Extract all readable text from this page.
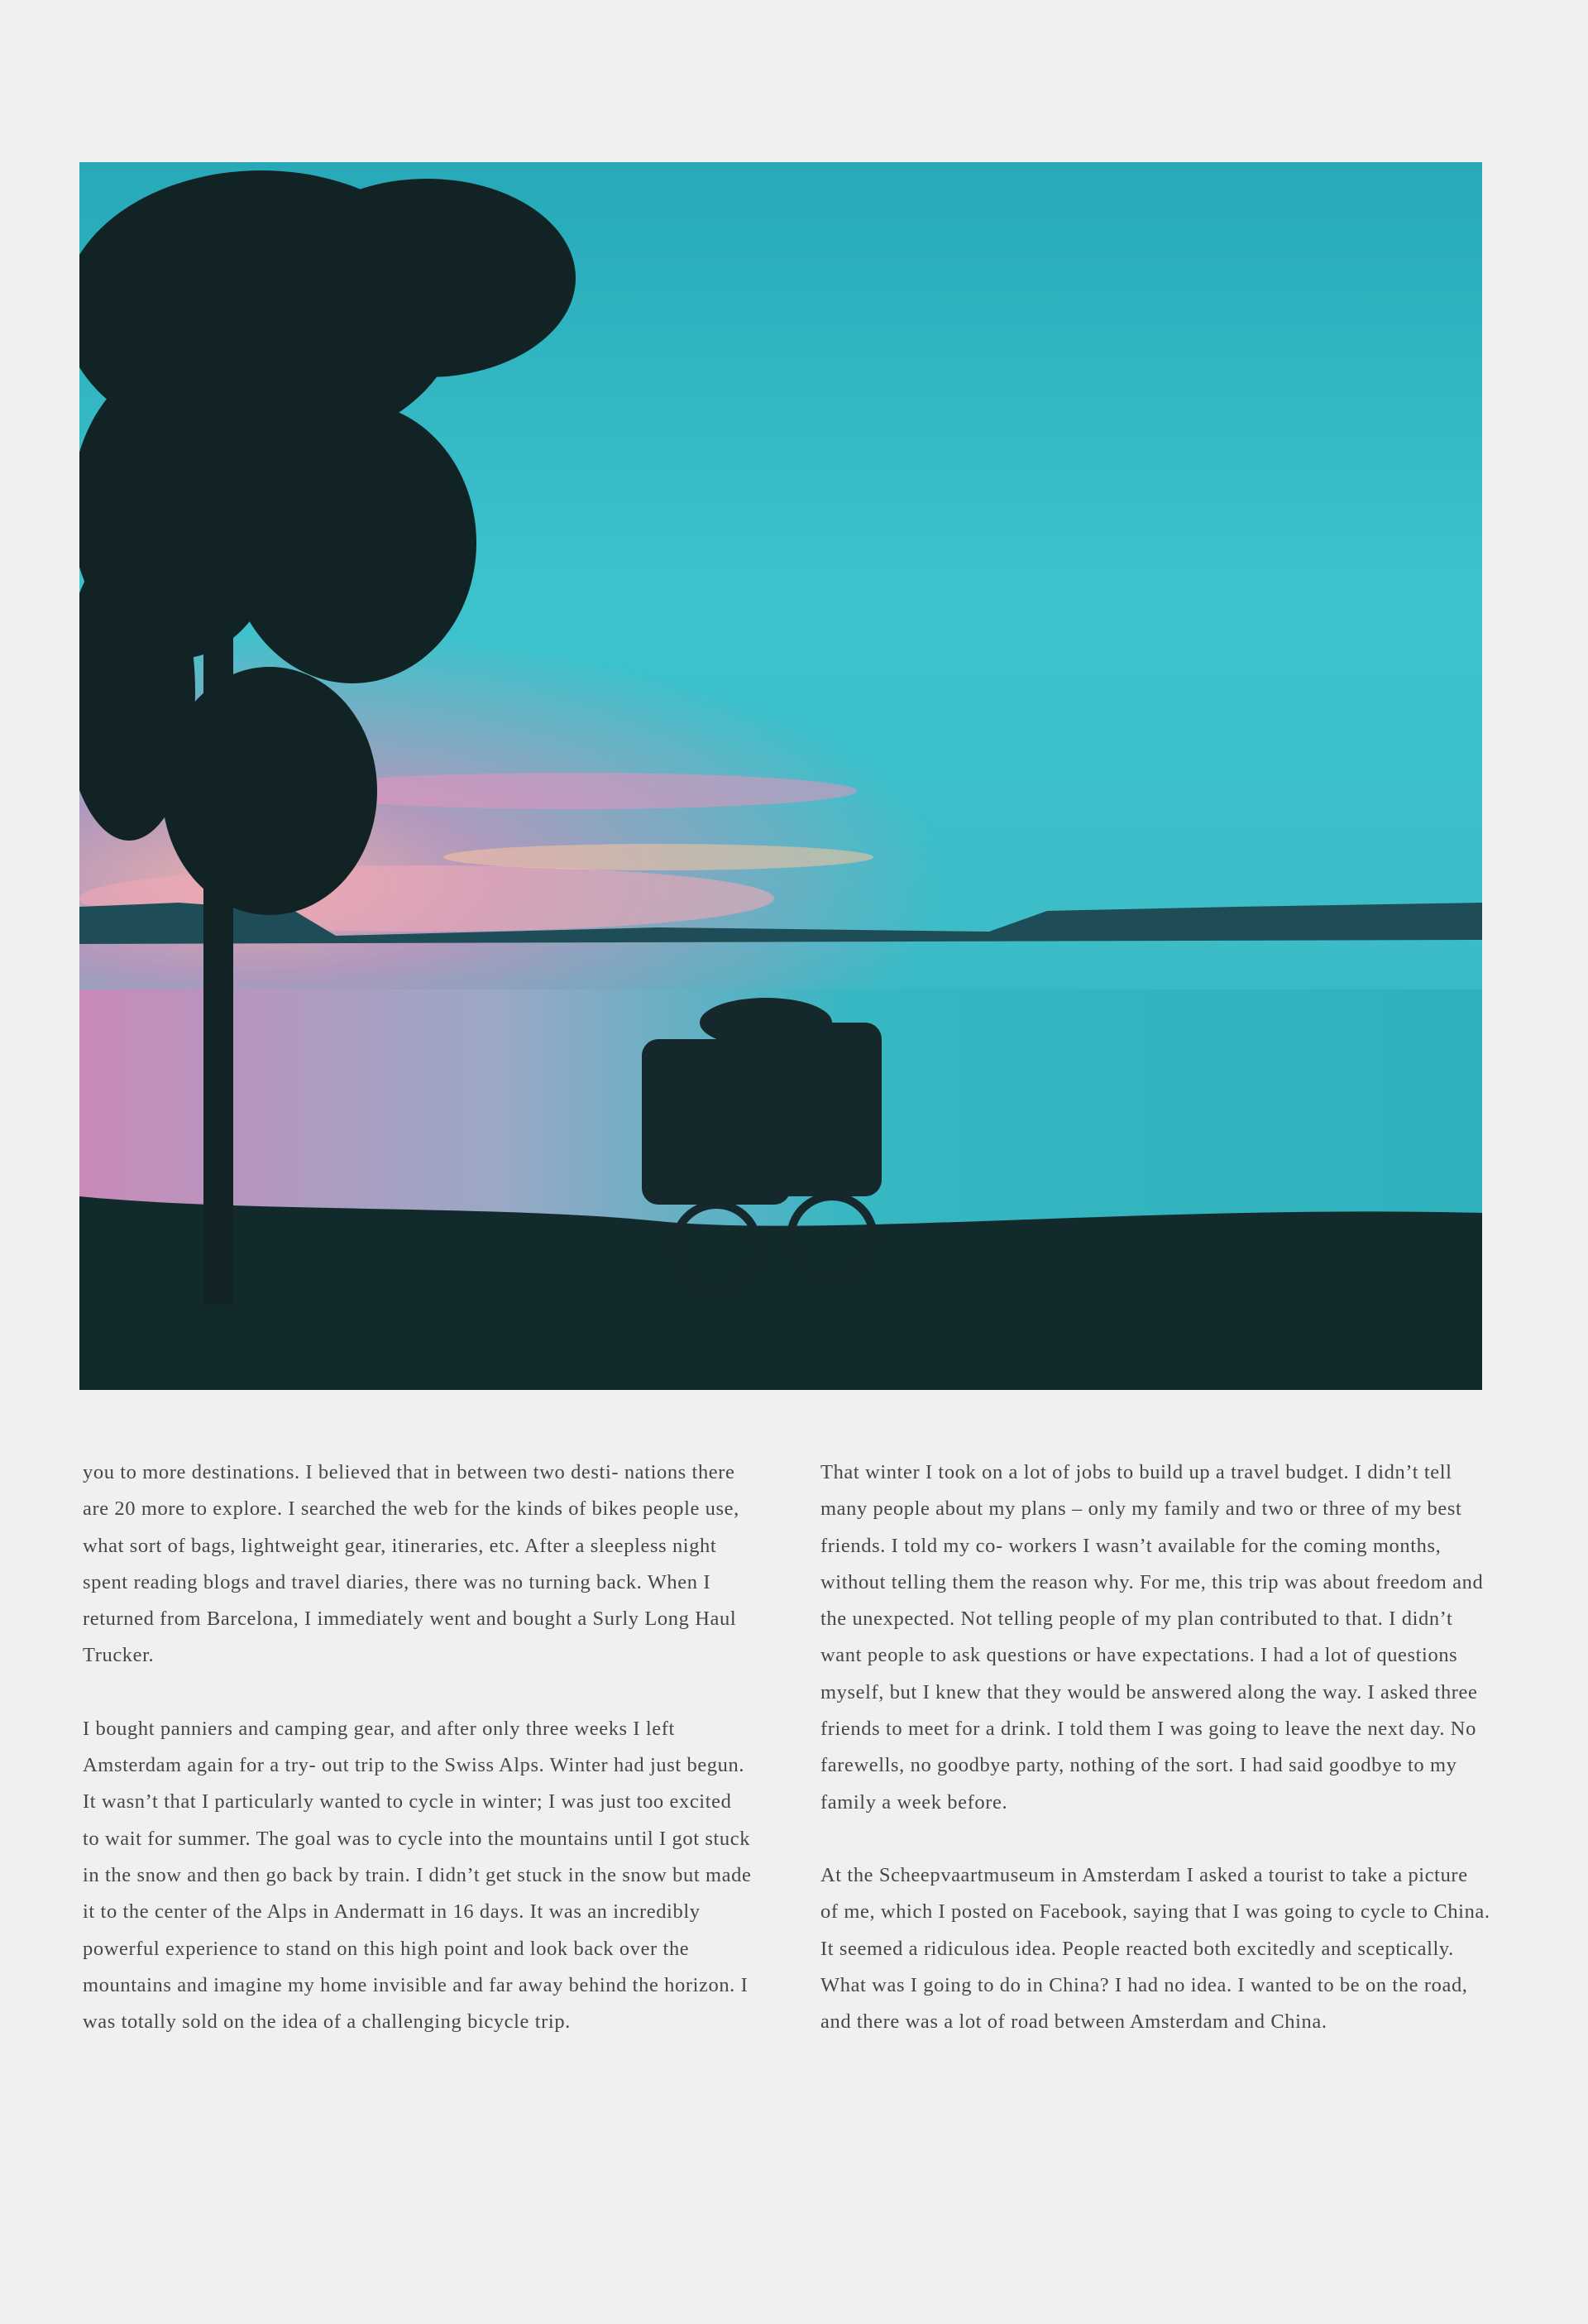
you to more destinations. I believed that in between two desti- nations there are 20 more to explore. I searched the web for the kinds of bikes people use, what sort of bags, lightweight gear, itineraries, etc. After a sleepless night spent reading blogs and travel diaries, there was no turning back. When I returned from Barcelona, I immediately went and bought a Surly Long Haul Trucker.

I bought panniers and camping gear, and after only three weeks I left Amsterdam again for a try- out trip to the Swiss Alps. Winter had just begun. It wasn’t that I particularly wanted to cycle in winter; I was just too excited to wait for summer. The goal was to cycle into the mountains until I got stuck in the snow and then go back by train. I didn’t get stuck in the snow but made it to the center of the Alps in Andermatt in 16 days. It was an incredibly powerful experience to stand on this high point and look back over the mountains and imagine my home invisible and far away behind the horizon. I was totally sold on the idea of a challenging bicycle trip.

That winter I took on a lot of jobs to build up a travel budget. I didn’t tell many people about my plans – only my family and two or three of my best friends. I told my co- workers I wasn’t available for the coming months, without telling them the reason why. For me, this trip was about freedom and the unexpected. Not telling people of my plan contributed to that. I didn’t want people to ask questions or have expectations. I had a lot of questions myself, but I knew that they would be answered along the way. I asked three friends to meet for a drink. I told them I was going to leave the next day. No farewells, no goodbye party, nothing of the sort. I had said goodbye to my family a week before.

At the Scheepvaartmuseum in Amsterdam I asked a tourist to take a picture of me, which I posted on Facebook, saying that I was going to cycle to China. It seemed a ridiculous idea. People reacted both excitedly and sceptically. What was I going to do in China? I had no idea. I wanted to be on the road, and there was a lot of road between Amsterdam and China.
